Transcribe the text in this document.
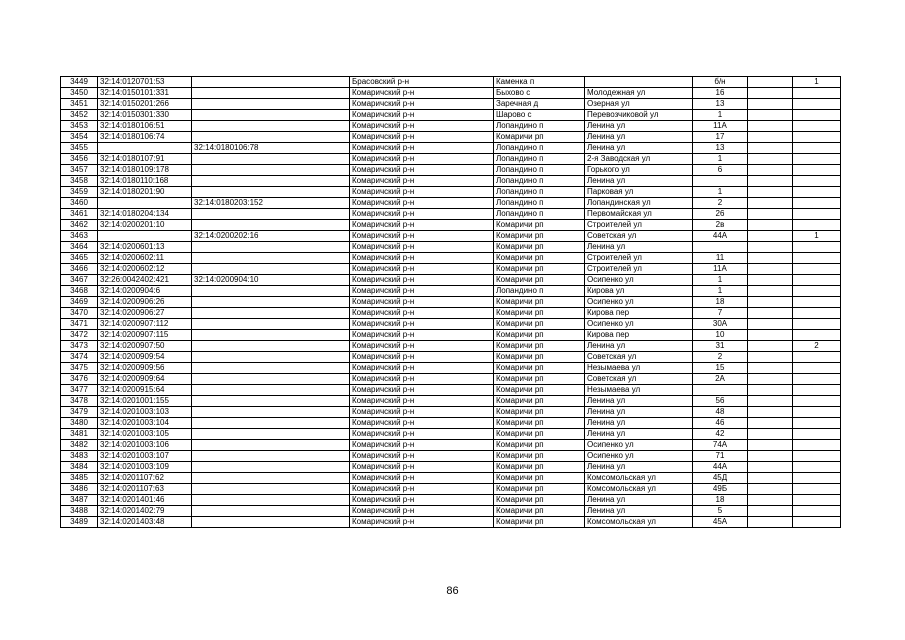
3449	32:14:0120701:53		Брасовский р-н	Каменка п		б/н		1
3450	32:14:0150101:331		Комаричский р-н	Быхово с	Молодежная ул	16		
3451	32:14:0150201:266		Комаричский р-н	Заречная д	Озерная ул	13		
3452	32:14:0150301:330		Комаричский р-н	Шарово с	Перевозчиковой ул	1		
3453	32:14:0180106:51		Комаричский р-н	Лопандино п	Ленина ул	11А		
3454	32:14:0180106:74		Комаричский р-н	Комаричи рп	Ленина ул	17		
3455		32:14:0180106:78	Комаричский р-н	Лопандино п	Ленина ул	13		
3456	32:14:0180107:91		Комаричский р-н	Лопандино п	2-я Заводская ул	1		
3457	32:14:0180109:178		Комаричский р-н	Лопандино п	Горького ул	6		
3458	32:14:0180110:168		Комаричский р-н	Лопандино п	Ленина ул			
3459	32:14:0180201:90		Комаричский р-н	Лопандино п	Парковая ул	1		
3460		32:14:0180203:152	Комаричский р-н	Лопандино п	Лопандинская ул	2		
3461	32:14:0180204:134		Комаричский р-н	Лопандино п	Первомайская ул	26		
3462	32:14:0200201:10		Комаричский р-н	Комаричи рп	Строителей ул	2в		
3463		32:14:0200202:16	Комаричский р-н	Комаричи рп	Советская ул	44А		1
3464	32:14:0200601:13		Комаричский р-н	Комаричи рп	Ленина ул			
3465	32:14:0200602:11		Комаричский р-н	Комаричи рп	Строителей ул	11		
3466	32:14:0200602:12		Комаричский р-н	Комаричи рп	Строителей ул	11А		
3467	32:26:0042402:421	32:14:0200904:10	Комаричский р-н	Комаричи рп	Осипенко ул	1		
3468	32:14:0200904:6		Комаричский р-н	Лопандино п	Кирова ул	1		
3469	32:14:0200906:26		Комаричский р-н	Комаричи рп	Осипенко ул	18		
3470	32:14:0200906:27		Комаричский р-н	Комаричи рп	Кирова пер	7		
3471	32:14:0200907:112		Комаричский р-н	Комаричи рп	Осипенко ул	30А		
3472	32:14:0200907:115		Комаричский р-н	Комаричи рп	Кирова пер	10		
3473	32:14:0200907:50		Комаричский р-н	Комаричи рп	Ленина ул	31		2
3474	32:14:0200909:54		Комаричский р-н	Комаричи рп	Советская ул	2		
3475	32:14:0200909:56		Комаричский р-н	Комаричи рп	Незымаева ул	15		
3476	32:14:0200909:64		Комаричский р-н	Комаричи рп	Советская ул	2А		
3477	32:14:0200915:64		Комаричский р-н	Комаричи рп	Незымаева ул			
3478	32:14:0201001:155		Комаричский р-н	Комаричи рп	Ленина ул	56		
3479	32:14:0201003:103		Комаричский р-н	Комаричи рп	Ленина ул	48		
3480	32:14:0201003:104		Комаричский р-н	Комаричи рп	Ленина ул	46		
3481	32:14:0201003:105		Комаричский р-н	Комаричи рп	Ленина ул	42		
3482	32:14:0201003:106		Комаричский р-н	Комаричи рп	Осипенко ул	74А		
3483	32:14:0201003:107		Комаричский р-н	Комаричи рп	Осипенко ул	71		
3484	32:14:0201003:109		Комаричский р-н	Комаричи рп	Ленина ул	44А		
3485	32:14:0201107:62		Комаричский р-н	Комаричи рп	Комсомольская ул	45Д		
3486	32:14:0201107:63		Комаричский р-н	Комаричи рп	Комсомольская ул	49Б		
3487	32:14:0201401:46		Комаричский р-н	Комаричи рп	Ленина ул	18		
3488	32:14:0201402:79		Комаричский р-н	Комаричи рп	Ленина ул	5		
3489	32:14:0201403:48		Комаричский р-н	Комаричи рп	Комсомольская ул	45А		
86
